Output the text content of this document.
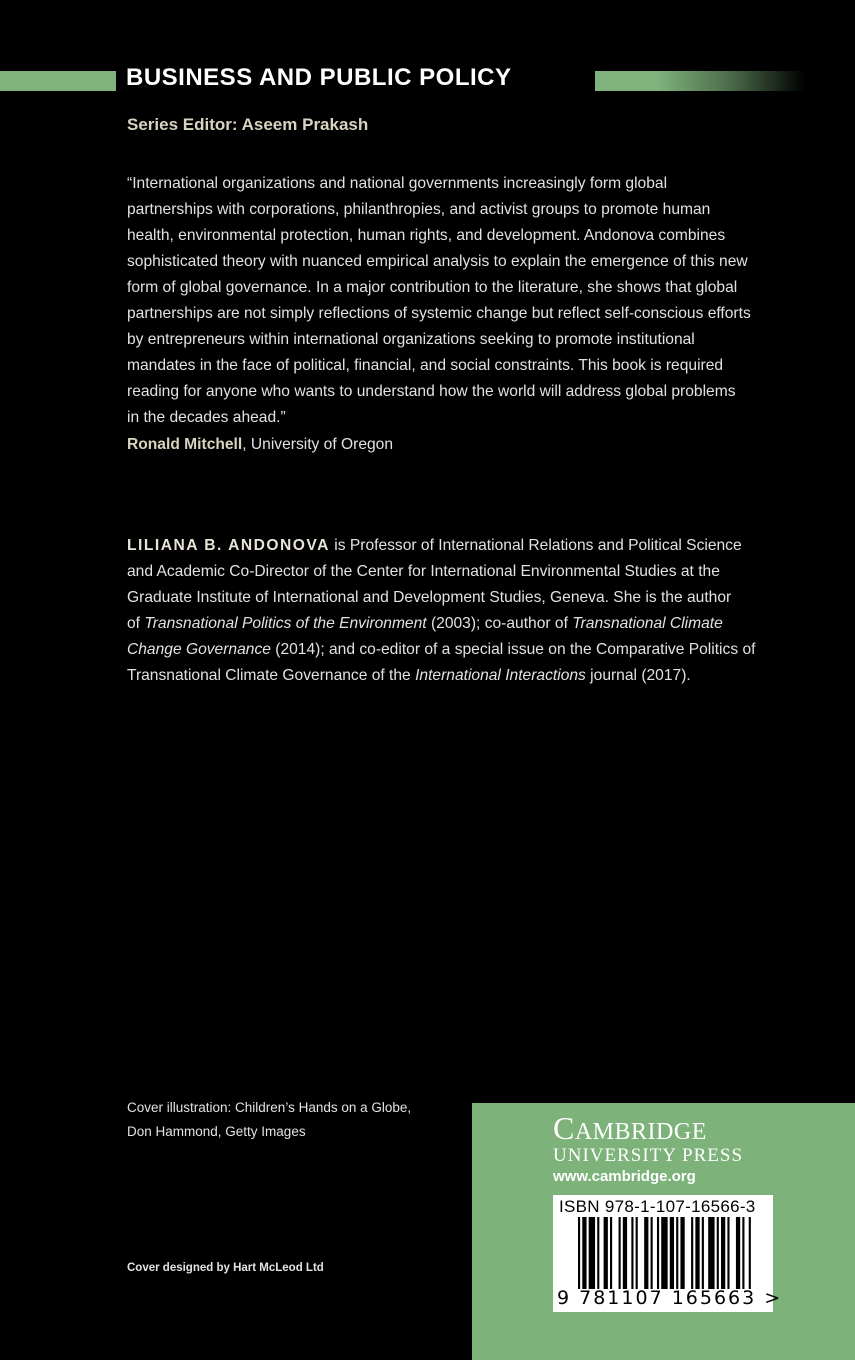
BUSINESS AND PUBLIC POLICY
Series Editor: Aseem Prakash
“International organizations and national governments increasingly form global
partnerships with corporations, philanthropies, and activist groups to promote human
health, environmental protection, human rights, and development. Andonova combines
sophisticated theory with nuanced empirical analysis to explain the emergence of this new
form of global governance. In a major contribution to the literature, she shows that global
partnerships are not simply reflections of systemic change but reflect self-conscious efforts
by entrepreneurs within international organizations seeking to promote institutional
mandates in the face of political, financial, and social constraints. This book is required
reading for anyone who wants to understand how the world will address global problems
in the decades ahead.”
Ronald Mitchell, University of Oregon
LILIANA B. ANDONOVA is Professor of International Relations and Political Science
and Academic Co-Director of the Center for International Environmental Studies at the
Graduate Institute of International and Development Studies, Geneva. She is the author
of Transnational Politics of the Environment (2003); co-author of Transnational Climate
Change Governance (2014); and co-editor of a special issue on the Comparative Politics of
Transnational Climate Governance of the International Interactions journal (2017).
Cover illustration: Children’s Hands on a Globe,
Don Hammond, Getty Images
Cover designed by Hart McLeod Ltd
CAMBRIDGE
UNIVERSITY PRESS
www.cambridge.org
ISBN 978-1-107-16566-3
9 781107 165663 >
